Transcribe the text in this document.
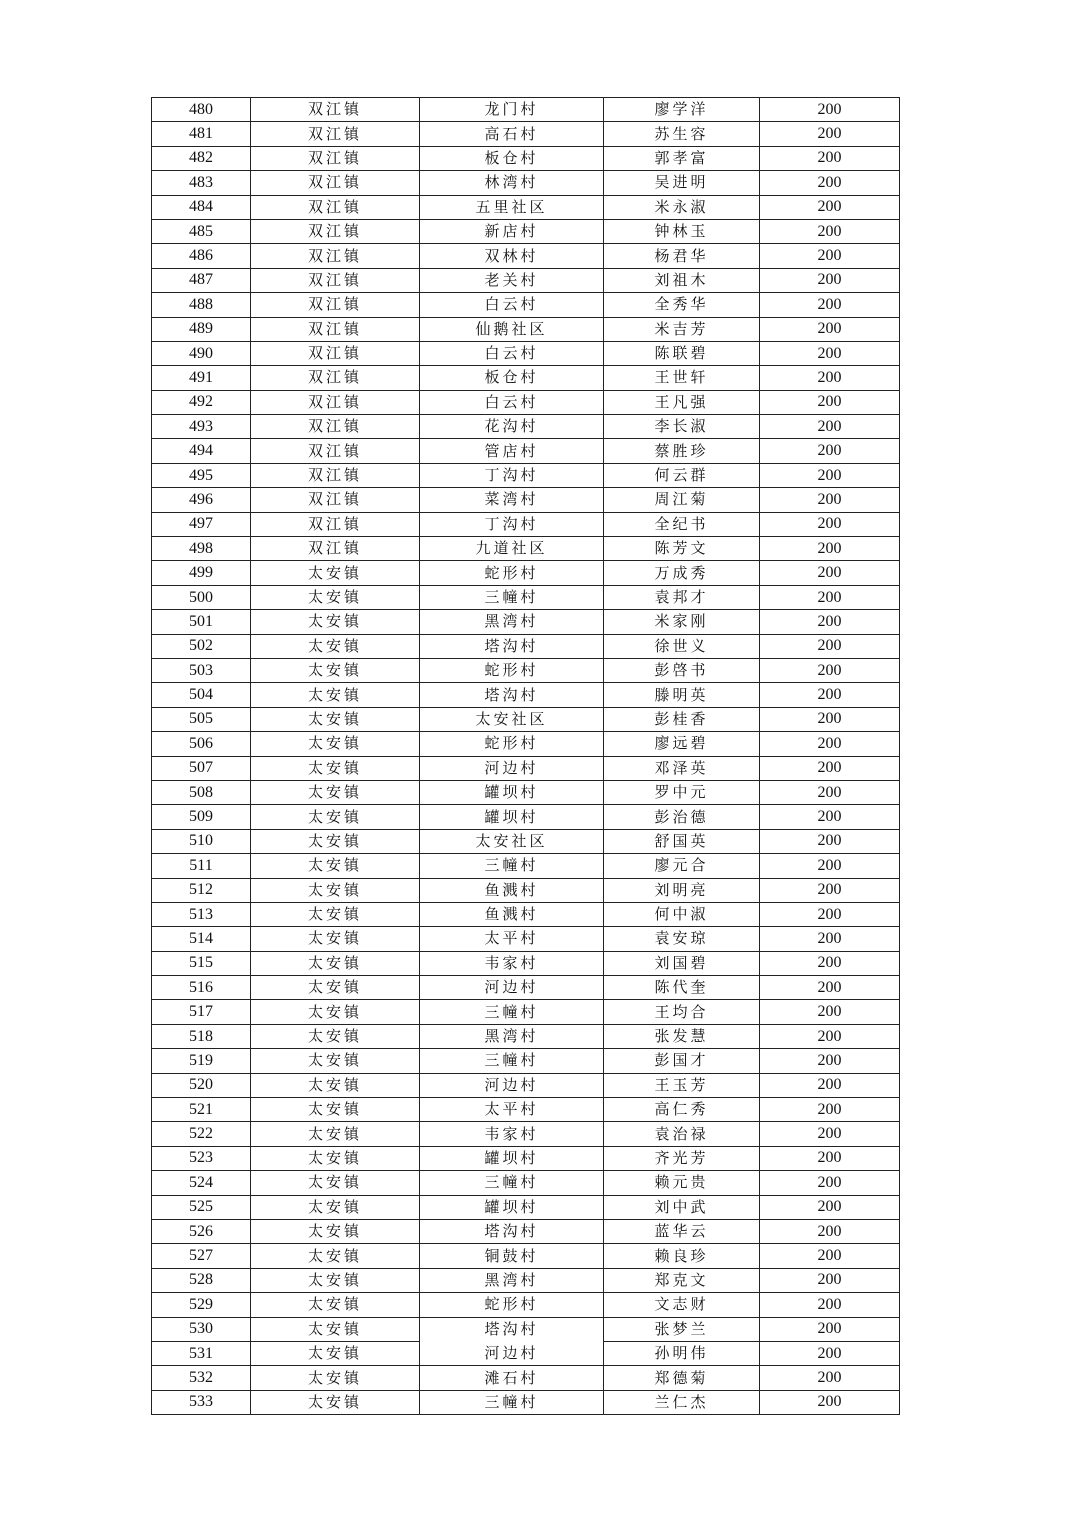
480	双江镇	龙门村	廖学洋	200
481	双江镇	高石村	苏生容	200
482	双江镇	板仓村	郭孝富	200
483	双江镇	林湾村	吴进明	200
484	双江镇	五里社区	米永淑	200
485	双江镇	新店村	钟林玉	200
486	双江镇	双林村	杨君华	200
487	双江镇	老关村	刘祖木	200
488	双江镇	白云村	全秀华	200
489	双江镇	仙鹅社区	米吉芳	200
490	双江镇	白云村	陈联碧	200
491	双江镇	板仓村	王世轩	200
492	双江镇	白云村	王凡强	200
493	双江镇	花沟村	李长淑	200
494	双江镇	管店村	蔡胜珍	200
495	双江镇	丁沟村	何云群	200
496	双江镇	菜湾村	周江菊	200
497	双江镇	丁沟村	全纪书	200
498	双江镇	九道社区	陈芳文	200
499	太安镇	蛇形村	万成秀	200
500	太安镇	三幢村	袁邦才	200
501	太安镇	黑湾村	米家刚	200
502	太安镇	塔沟村	徐世义	200
503	太安镇	蛇形村	彭啓书	200
504	太安镇	塔沟村	滕明英	200
505	太安镇	太安社区	彭桂香	200
506	太安镇	蛇形村	廖远碧	200
507	太安镇	河边村	邓泽英	200
508	太安镇	罐坝村	罗中元	200
509	太安镇	罐坝村	彭治德	200
510	太安镇	太安社区	舒国英	200
511	太安镇	三幢村	廖元合	200
512	太安镇	鱼溅村	刘明亮	200
513	太安镇	鱼溅村	何中淑	200
514	太安镇	太平村	袁安琼	200
515	太安镇	韦家村	刘国碧	200
516	太安镇	河边村	陈代奎	200
517	太安镇	三幢村	王均合	200
518	太安镇	黑湾村	张发慧	200
519	太安镇	三幢村	彭国才	200
520	太安镇	河边村	王玉芳	200
521	太安镇	太平村	高仁秀	200
522	太安镇	韦家村	袁治禄	200
523	太安镇	罐坝村	齐光芳	200
524	太安镇	三幢村	赖元贵	200
525	太安镇	罐坝村	刘中武	200
526	太安镇	塔沟村	蓝华云	200
527	太安镇	铜鼓村	赖良珍	200
528	太安镇	黑湾村	郑克文	200
529	太安镇	蛇形村	文志财	200
530	太安镇	塔沟村	张梦兰	200
531	太安镇	河边村	孙明伟	200
532	太安镇	滩石村	郑德菊	200
533	太安镇	三幢村	兰仁杰	200
